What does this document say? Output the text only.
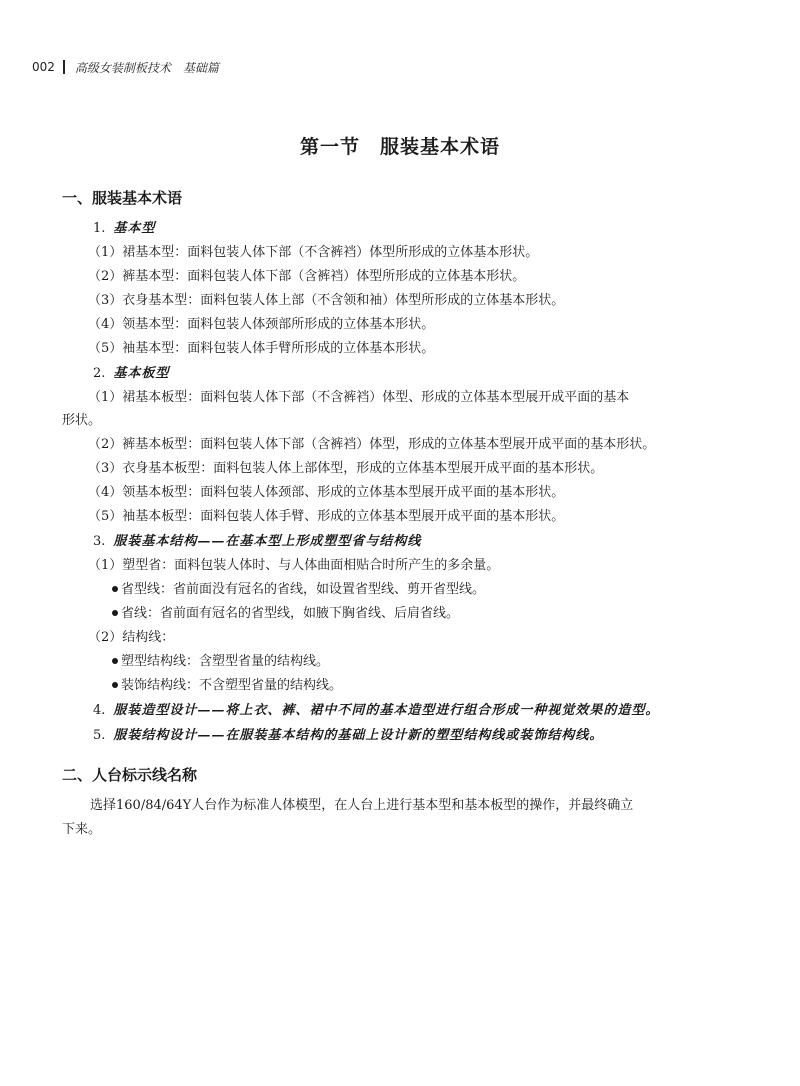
002 高级女装制板技术　基础篇
第一节　服装基本术语
一、服装基本术语
1. 基本型
（1）裙基本型：面料包装人体下部（不含裤裆）体型所形成的立体基本形状。
（2）裤基本型：面料包装人体下部（含裤裆）体型所形成的立体基本形状。
（3）衣身基本型：面料包装人体上部（不含领和袖）体型所形成的立体基本形状。
（4）领基本型：面料包装人体颈部所形成的立体基本形状。
（5）袖基本型：面料包装人体手臂所形成的立体基本形状。
2. 基本板型
（1）裙基本板型：面料包装人体下部（不含裤裆）体型、形成的立体基本型展开成平面的基本
形状。
（2）裤基本板型：面料包装人体下部（含裤裆）体型，形成的立体基本型展开成平面的基本形状。
（3）衣身基本板型：面料包装人体上部体型，形成的立体基本型展开成平面的基本形状。
（4）领基本板型：面料包装人体颈部、形成的立体基本型展开成平面的基本形状。
（5）袖基本板型：面料包装人体手臂、形成的立体基本型展开成平面的基本形状。
3. 服装基本结构——在基本型上形成塑型省与结构线
（1）塑型省：面料包装人体时、与人体曲面相贴合时所产生的多余量。
省型线：省前面没有冠名的省线，如设置省型线、剪开省型线。
省线：省前面有冠名的省型线，如腋下胸省线、后肩省线。
（2）结构线：
塑型结构线：含塑型省量的结构线。
装饰结构线：不含塑型省量的结构线。
4. 服装造型设计——将上衣、裤、裙中不同的基本造型进行组合形成一种视觉效果的造型。
5. 服装结构设计——在服装基本结构的基础上设计新的塑型结构线或装饰结构线。
二、人台标示线名称
选择160/84/64Y人台作为标准人体模型，在人台上进行基本型和基本板型的操作，并最终确立
下来。
